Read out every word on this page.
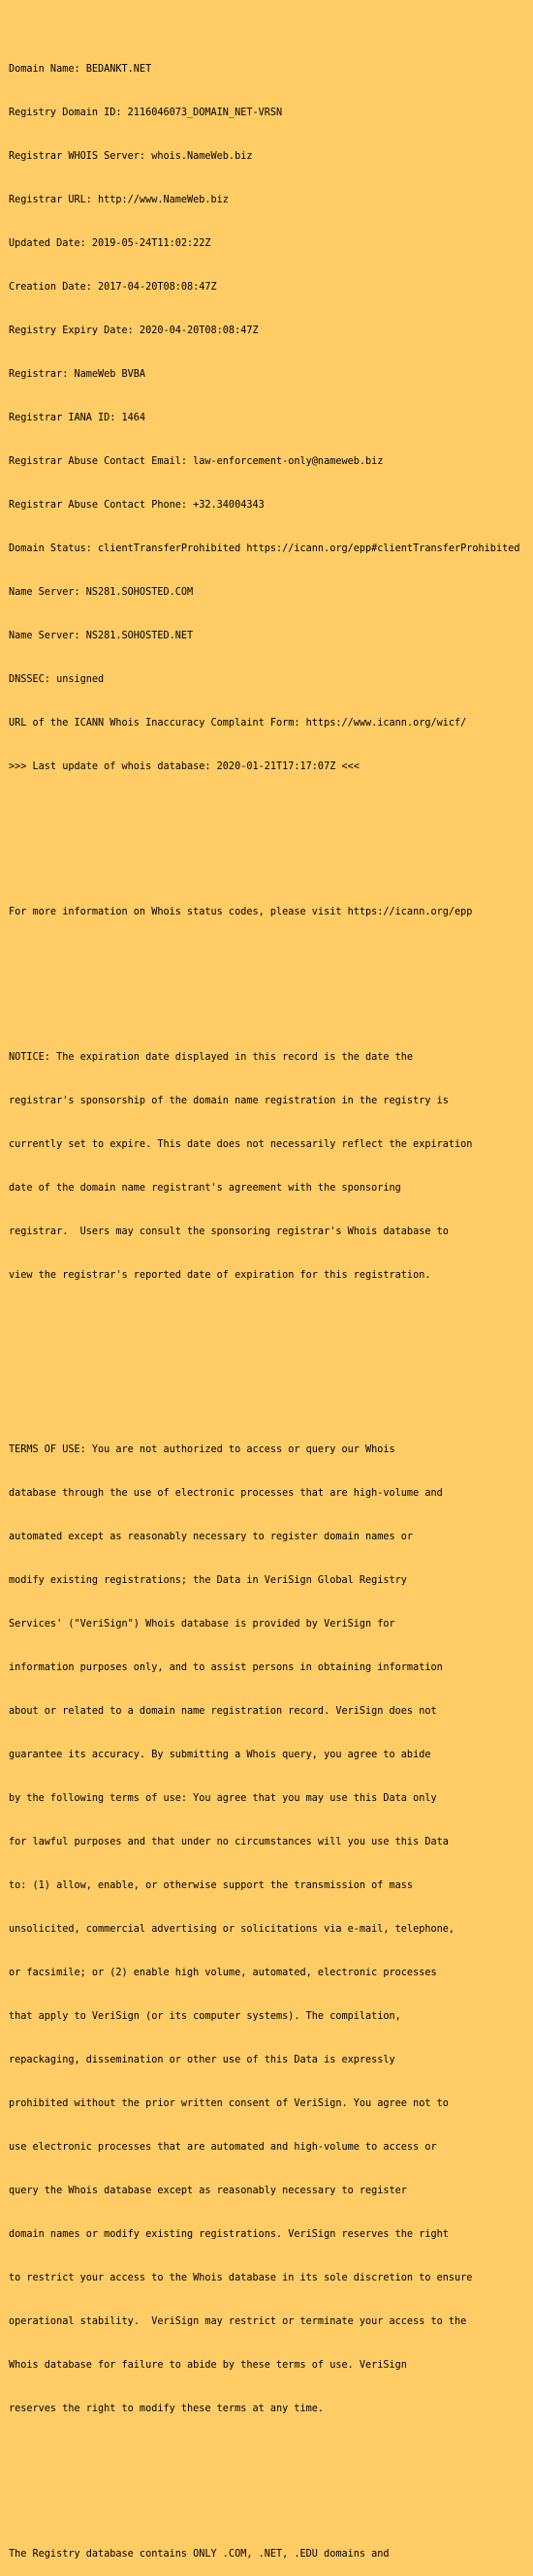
Domain Name: BEDANKT.NET

Registry Domain ID: 2116046073_DOMAIN_NET-VRSN

Registrar WHOIS Server: whois.NameWeb.biz

Registrar URL: http://www.NameWeb.biz

Updated Date: 2019-05-24T11:02:22Z

Creation Date: 2017-04-20T08:08:47Z

Registry Expiry Date: 2020-04-20T08:08:47Z

Registrar: NameWeb BVBA

Registrar IANA ID: 1464

Registrar Abuse Contact Email: law-enforcement-only@nameweb.biz

Registrar Abuse Contact Phone: +32.34004343

Domain Status: clientTransferProhibited https://icann.org/epp#clientTransferProhibited

Name Server: NS281.SOHOSTED.COM

Name Server: NS281.SOHOSTED.NET

DNSSEC: unsigned

URL of the ICANN Whois Inaccuracy Complaint Form: https://www.icann.org/wicf/

>>> Last update of whois database: 2020-01-21T17:17:07Z <<<

For more information on Whois status codes, please visit https://icann.org/epp

NOTICE: The expiration date displayed in this record is the date the

registrar's sponsorship of the domain name registration in the registry is

currently set to expire. This date does not necessarily reflect the expiration

date of the domain name registrant's agreement with the sponsoring

registrar.  Users may consult the sponsoring registrar's Whois database to

view the registrar's reported date of expiration for this registration.

TERMS OF USE: You are not authorized to access or query our Whois

database through the use of electronic processes that are high-volume and

automated except as reasonably necessary to register domain names or

modify existing registrations; the Data in VeriSign Global Registry

Services' ("VeriSign") Whois database is provided by VeriSign for

information purposes only, and to assist persons in obtaining information

about or related to a domain name registration record. VeriSign does not

guarantee its accuracy. By submitting a Whois query, you agree to abide

by the following terms of use: You agree that you may use this Data only

for lawful purposes and that under no circumstances will you use this Data

to: (1) allow, enable, or otherwise support the transmission of mass

unsolicited, commercial advertising or solicitations via e-mail, telephone,

or facsimile; or (2) enable high volume, automated, electronic processes

that apply to VeriSign (or its computer systems). The compilation,

repackaging, dissemination or other use of this Data is expressly

prohibited without the prior written consent of VeriSign. You agree not to

use electronic processes that are automated and high-volume to access or

query the Whois database except as reasonably necessary to register

domain names or modify existing registrations. VeriSign reserves the right

to restrict your access to the Whois database in its sole discretion to ensure

operational stability.  VeriSign may restrict or terminate your access to the

Whois database for failure to abide by these terms of use. VeriSign

reserves the right to modify these terms at any time.

The Registry database contains ONLY .COM, .NET, .EDU domains and
